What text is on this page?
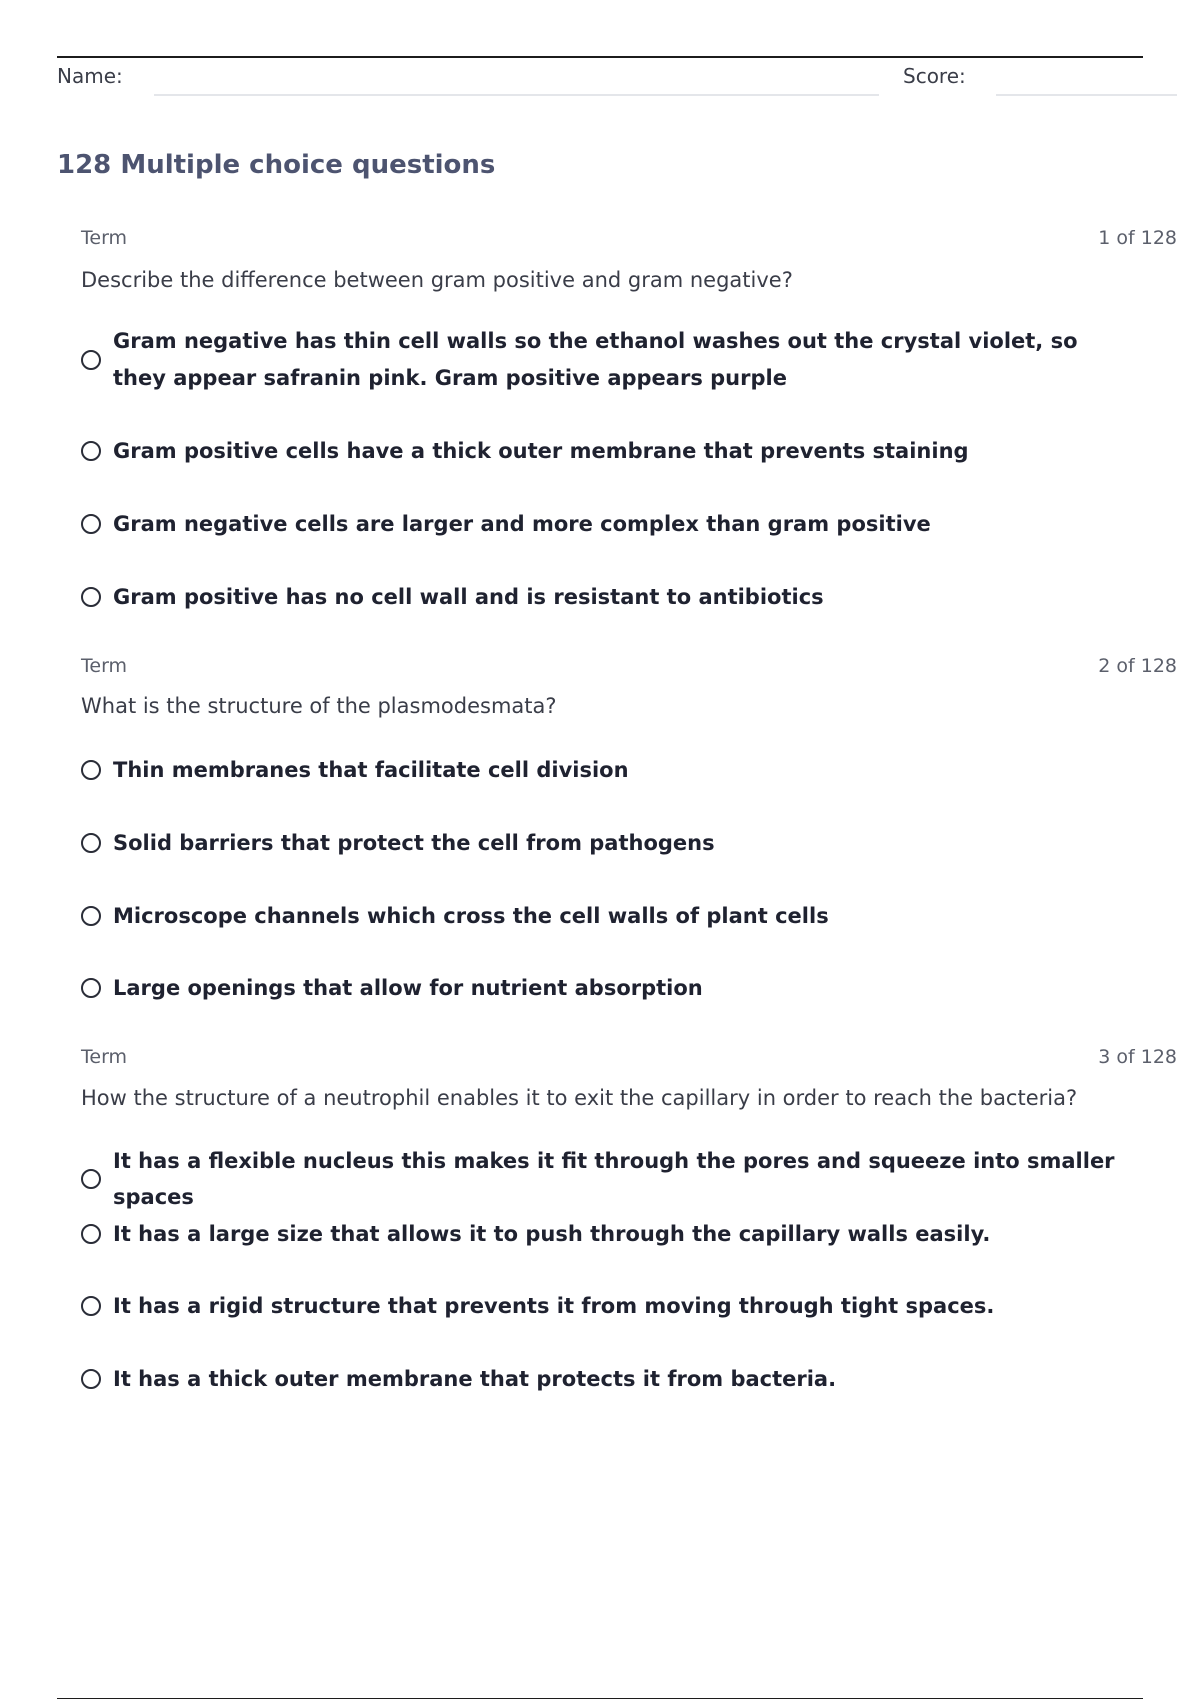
Name:	Score:
128 Multiple choice questions
Term	1 of 128
Describe the difference between gram positive and gram negative?
Gram negative has thin cell walls so the ethanol washes out the crystal violet, so they appear safranin pink. Gram positive appears purple
Gram positive cells have a thick outer membrane that prevents staining
Gram negative cells are larger and more complex than gram positive
Gram positive has no cell wall and is resistant to antibiotics
Term	2 of 128
What is the structure of the plasmodesmata?
Thin membranes that facilitate cell division
Solid barriers that protect the cell from pathogens
Microscope channels which cross the cell walls of plant cells
Large openings that allow for nutrient absorption
Term	3 of 128
How the structure of a neutrophil enables it to exit the capillary in order to reach the bacteria?
It has a flexible nucleus this makes it fit through the pores and squeeze into smaller spaces
It has a large size that allows it to push through the capillary walls easily.
It has a rigid structure that prevents it from moving through tight spaces.
It has a thick outer membrane that protects it from bacteria.
